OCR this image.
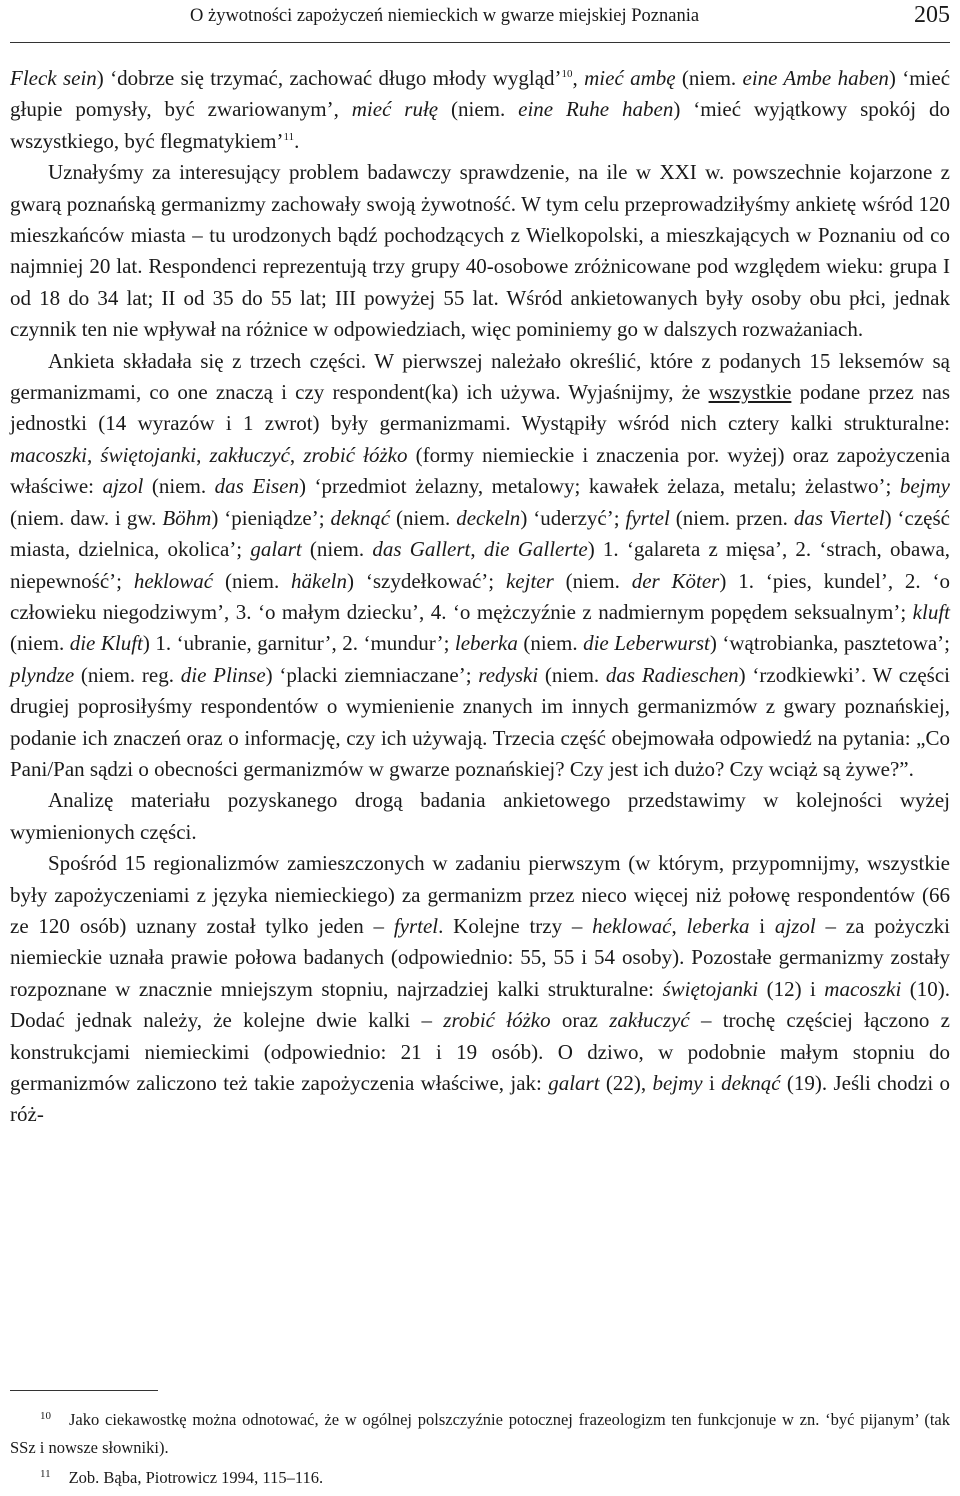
O żywotności zapożyczeń niemieckich w gwarze miejskiej Poznania	205

Fleck sein) ‘dobrze się trzymać, zachować długo młody wygląd’$^{10}$, mieć ambę (niem. eine Ambe haben) ‘mieć głupie pomysły, być zwariowanym’, mieć rułę (niem. eine Ruhe haben) ‘mieć wyjątkowy spokój do wszystkiego, być flegmatykiem’$^{11}$.

Uznałyśmy za interesujący problem badawczy sprawdzenie, na ile w XXI w. powszechnie kojarzone z gwarą poznańską germanizmy zachowały swoją żywotność. W tym celu przeprowadziłyśmy ankietę wśród 120 mieszkańców miasta – tu urodzonych bądź pochodzących z Wielkopolski, a mieszkających w Poznaniu od co najmniej 20 lat. Respondenci reprezentują trzy grupy 40-osobowe zróżnicowane pod względem wieku: grupa I od 18 do 34 lat; II od 35 do 55 lat; III powyżej 55 lat. Wśród ankietowanych były osoby obu płci, jednak czynnik ten nie wpływał na różnice w odpowiedziach, więc pominiemy go w dalszych rozważaniach.

Ankieta składała się z trzech części. W pierwszej należało określić, które z podanych 15 leksemów są germanizmami, co one znaczą i czy respondent(ka) ich używa. Wyjaśnijmy, że wszystkie podane przez nas jednostki (14 wyrazów i 1 zwrot) były germanizmami. Wystąpiły wśród nich cztery kalki strukturalne: macoszki, świętojanki, zakłuczyć, zrobić łóżko (formy niemieckie i znaczenia por. wyżej) oraz zapożyczenia właściwe: ajzol (niem. das Eisen) ‘przedmiot żelazny, metalowy; kawałek żelaza, metalu; żelastwo’; bejmy (niem. daw. i gw. Böhm) ‘pieniądze’; deknąć (niem. deckeln) ‘uderzyć’; fyrtel (niem. przen. das Viertel) ‘część miasta, dzielnica, okolica’; galart (niem. das Gallert, die Gallerte) 1. ‘galareta z mięsa’, 2. ‘strach, obawa, niepewność’; heklować (niem. häkeln) ‘szydełkować’; kejter (niem. der Köter) 1. ‘pies, kundel’, 2. ‘o człowieku niegodziwym’, 3. ‘o małym dziecku’, 4. ‘o mężczyźnie z nadmiernym popędem seksualnym’; kluft (niem. die Kluft) 1. ‘ubranie, garnitur’, 2. ‘mundur’; leberka (niem. die Leberwurst) ‘wątrobianka, pasztetowa’; plyndze (niem. reg. die Plinse) ‘placki ziemniaczane’; redyski (niem. das Radieschen) ‘rzodkiewki’. W części drugiej poprosiłyśmy respondentów o wymienienie znanych im innych germanizmów z gwary poznańskiej, podanie ich znaczeń oraz o informację, czy ich używają. Trzecia część obejmowała odpowiedź na pytania: „Co Pani/Pan sądzi o obecności germanizmów w gwarze poznańskiej? Czy jest ich dużo? Czy wciąż są żywe?”.

Analizę materiału pozyskanego drogą badania ankietowego przedstawimy w kolejności wyżej wymienionych części.

Spośród 15 regionalizmów zamieszczonych w zadaniu pierwszym (w którym, przypomnijmy, wszystkie były zapożyczeniami z języka niemieckiego) za germanizm przez nieco więcej niż połowę respondentów (66 ze 120 osób) uznany został tylko jeden – fyrtel. Kolejne trzy – heklować, leberka i ajzol – za pożyczki niemieckie uznała prawie połowa badanych (odpowiednio: 55, 55 i 54 osoby). Pozostałe germanizmy zostały rozpoznane w znacznie mniejszym stopniu, najrzadziej kalki strukturalne: świętojanki (12) i macoszki (10). Dodać jednak należy, że kolejne dwie kalki – zrobić łóżko oraz zakłuczyć – trochę częściej łączono z konstrukcjami niemieckimi (odpowiednio: 21 i 19 osób). O dziwo, w podobnie małym stopniu do germanizmów zaliczono też takie zapożyczenia właściwe, jak: galart (22), bejmy i deknąć (19). Jeśli chodzi o róż-

$^{10}$ Jako ciekawostkę można odnotować, że w ogólnej polszczyźnie potocznej frazeologizm ten funkcjonuje w zn. ‘być pijanym’ (tak SSz i nowsze słowniki).

$^{11}$ Zob. Bąba, Piotrowicz 1994, 115–116.
